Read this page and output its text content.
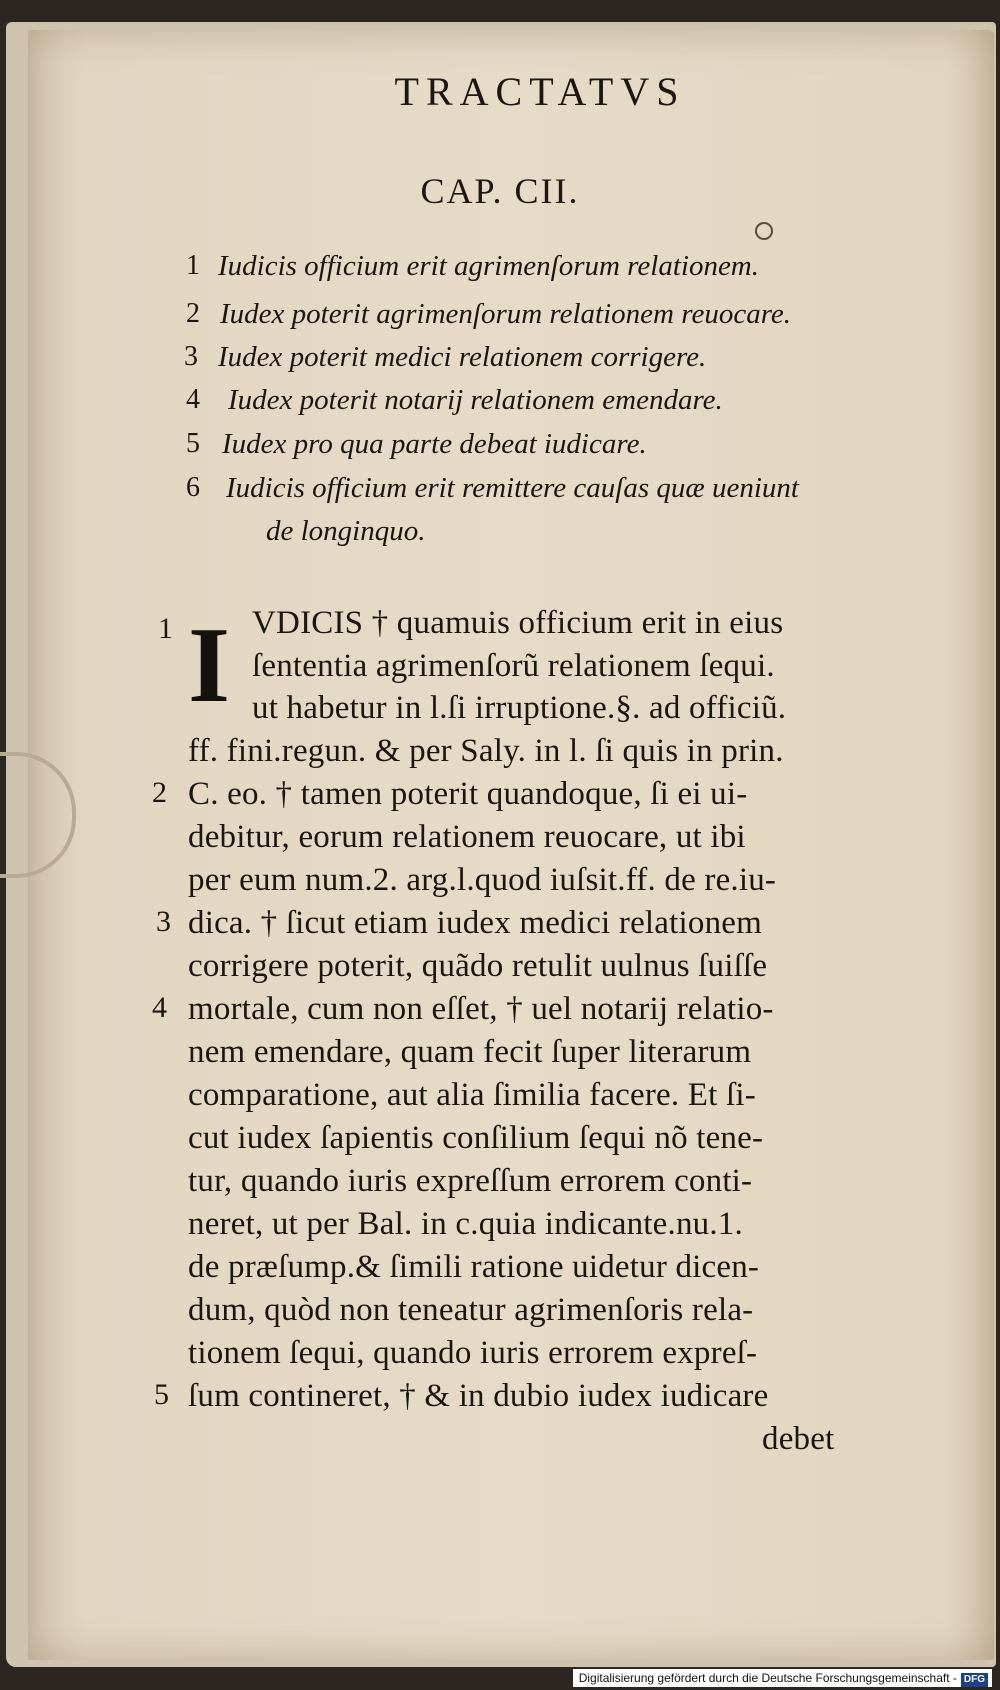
TRACTATVS
CAP. CII.
1 Iudicis officium erit agrimenſorum relationem.
2 Iudex poterit agrimenſorum relationem reuocare.
3 Iudex poterit medici relationem corrigere.
4 Iudex poterit notarij relationem emendare.
5 Iudex pro qua parte debeat iudicare.
6 Iudicis officium erit remittere cauſas quæ ueniunt
de longinquo.
I
1 VDICIS † quamuis officium erit in eius
ſententia agrimenſorũ relationem ſequi.
ut habetur in l.ſi irruptione.§. ad officiũ.
ff. fini.regun. & per Saly. in l. ſi quis in prin.
2 C. eo. † tamen poterit quandoque, ſi ei ui-
debitur, eorum relationem reuocare, ut ibi
per eum num.2. arg.l.quod iuſsit.ff. de re.iu-
3 dica. † ſicut etiam iudex medici relationem
corrigere poterit, quãdo retulit uulnus ſuiſſe
4 mortale, cum non eſſet, † uel notarij relatio-
nem emendare, quam fecit ſuper literarum
comparatione, aut alia ſimilia facere. Et ſi-
cut iudex ſapientis conſilium ſequi nõ tene-
tur, quando iuris expreſſum errorem conti-
neret, ut per Bal. in c.quia indicante.nu.1.
de præſump.& ſimili ratione uidetur dicen-
dum, quòd non teneatur agrimenſoris rela-
tionem ſequi, quando iuris errorem expreſ-
5 ſum contineret, † & in dubio iudex iudicare
debet
Digitalisierung gefördert durch die Deutsche Forschungsgemeinschaft - DFG
